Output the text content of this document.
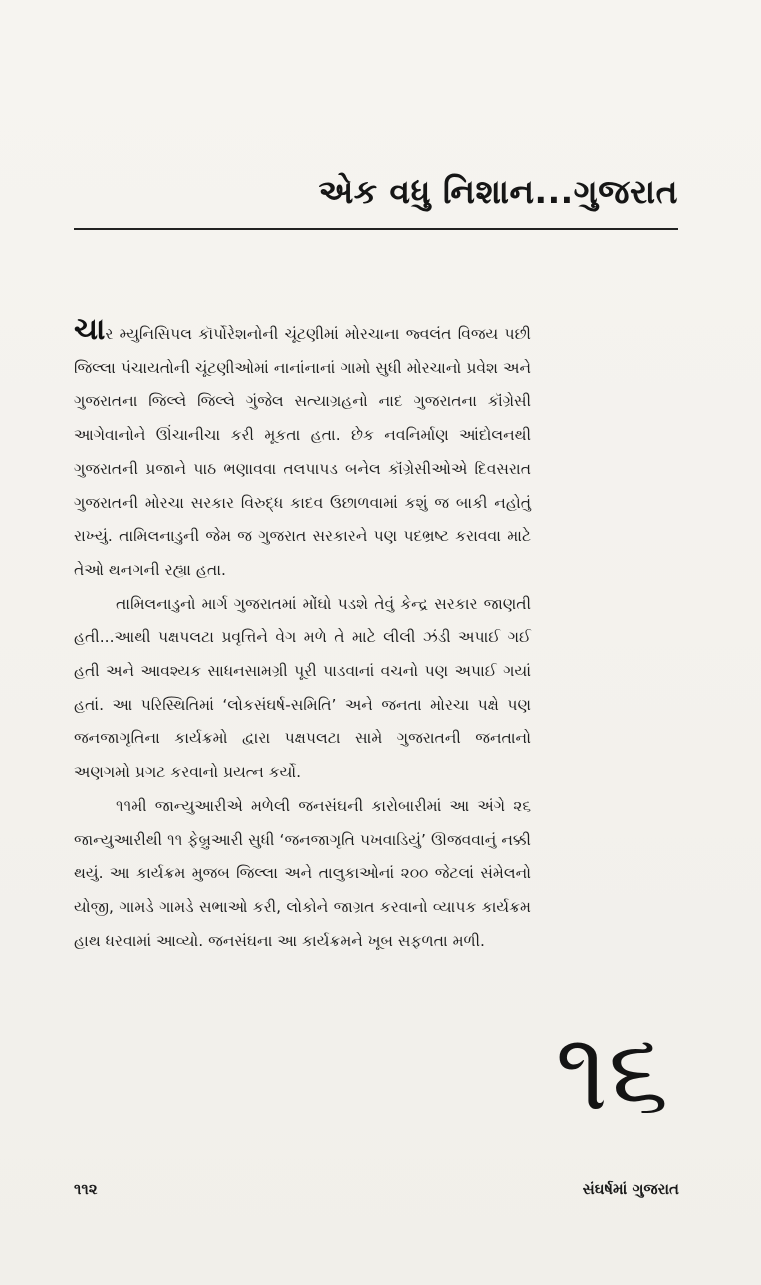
એક વધુ નિશાન...ગુજરાત

ચાર મ્યુનિસિપલ કૉર્પોરેશનોની ચૂંટણીમાં મોરચાના જ્વલંત વિજય પછી જિલ્લા પંચાયતોની ચૂંટણીઓમાં નાનાંનાનાં ગામો સુધી મોરચાનો પ્રવેશ અને ગુજરાતના જિલ્લે જિલ્લે ગુંજેલ સત્યાગ્રહનો નાદ ગુજરાતના કૉંગ્રેસી આગેવાનોને ઊંચાનીચા કરી મૂકતા હતા. છેક નવનિર્માણ આંદોલનથી ગુજરાતની પ્રજાને પાઠ ભણાવવા તલપાપડ બનેલ કૉંગ્રેસીઓએ દિવસરાત ગુજરાતની મોરચા સરકાર વિરુદ્ધ કાદવ ઉછાળવામાં કશું જ બાકી નહોતું રાખ્યું. તામિલનાડુની જેમ જ ગુજરાત સરકારને પણ પદભ્રષ્ટ કરાવવા માટે તેઓ થનગની રહ્યા હતા.

તામિલનાડુનો માર્ગ ગુજરાતમાં મોંઘો પડશે તેવું કેન્દ્ર સરકાર જાણતી હતી...આથી પક્ષપલટા પ્રવૃત્તિને વેગ મળે તે માટે લીલી ઝંડી અપાઈ ગઈ હતી અને આવશ્યક સાધનસામગ્રી પૂરી પાડવાનાં વચનો પણ અપાઈ ગયાં હતાં. આ પરિસ્થિતિમાં ‘લોકસંઘર્ષ-સમિતિ’ અને જનતા મોરચા પક્ષે પણ જનજાગૃતિના કાર્યક્રમો દ્વારા પક્ષપલટા સામે ગુજરાતની જનતાનો અણગમો પ્રગટ કરવાનો પ્રયત્ન કર્યો.

૧૧મી જાન્યુઆરીએ મળેલી જનસંઘની કારોબારીમાં આ અંગે ૨૬ જાન્યુઆરીથી ૧૧ ફેબ્રુઆરી સુધી ‘જનજાગૃતિ પખવાડિયું’ ઊજવવાનું નક્કી થયું. આ કાર્યક્રમ મુજબ જિલ્લા અને તાલુકાઓનાં ૨૦૦ જેટલાં સંમેલનો યોજી, ગામડે ગામડે સભાઓ કરી, લોકોને જાગ્રત કરવાનો વ્યાપક કાર્યક્રમ હાથ ધરવામાં આવ્યો. જનસંઘના આ કાર્યક્રમને ખૂબ સફળતા મળી.

૧૬
૧૧૨	સંઘર્ષમાં ગુજરાત
